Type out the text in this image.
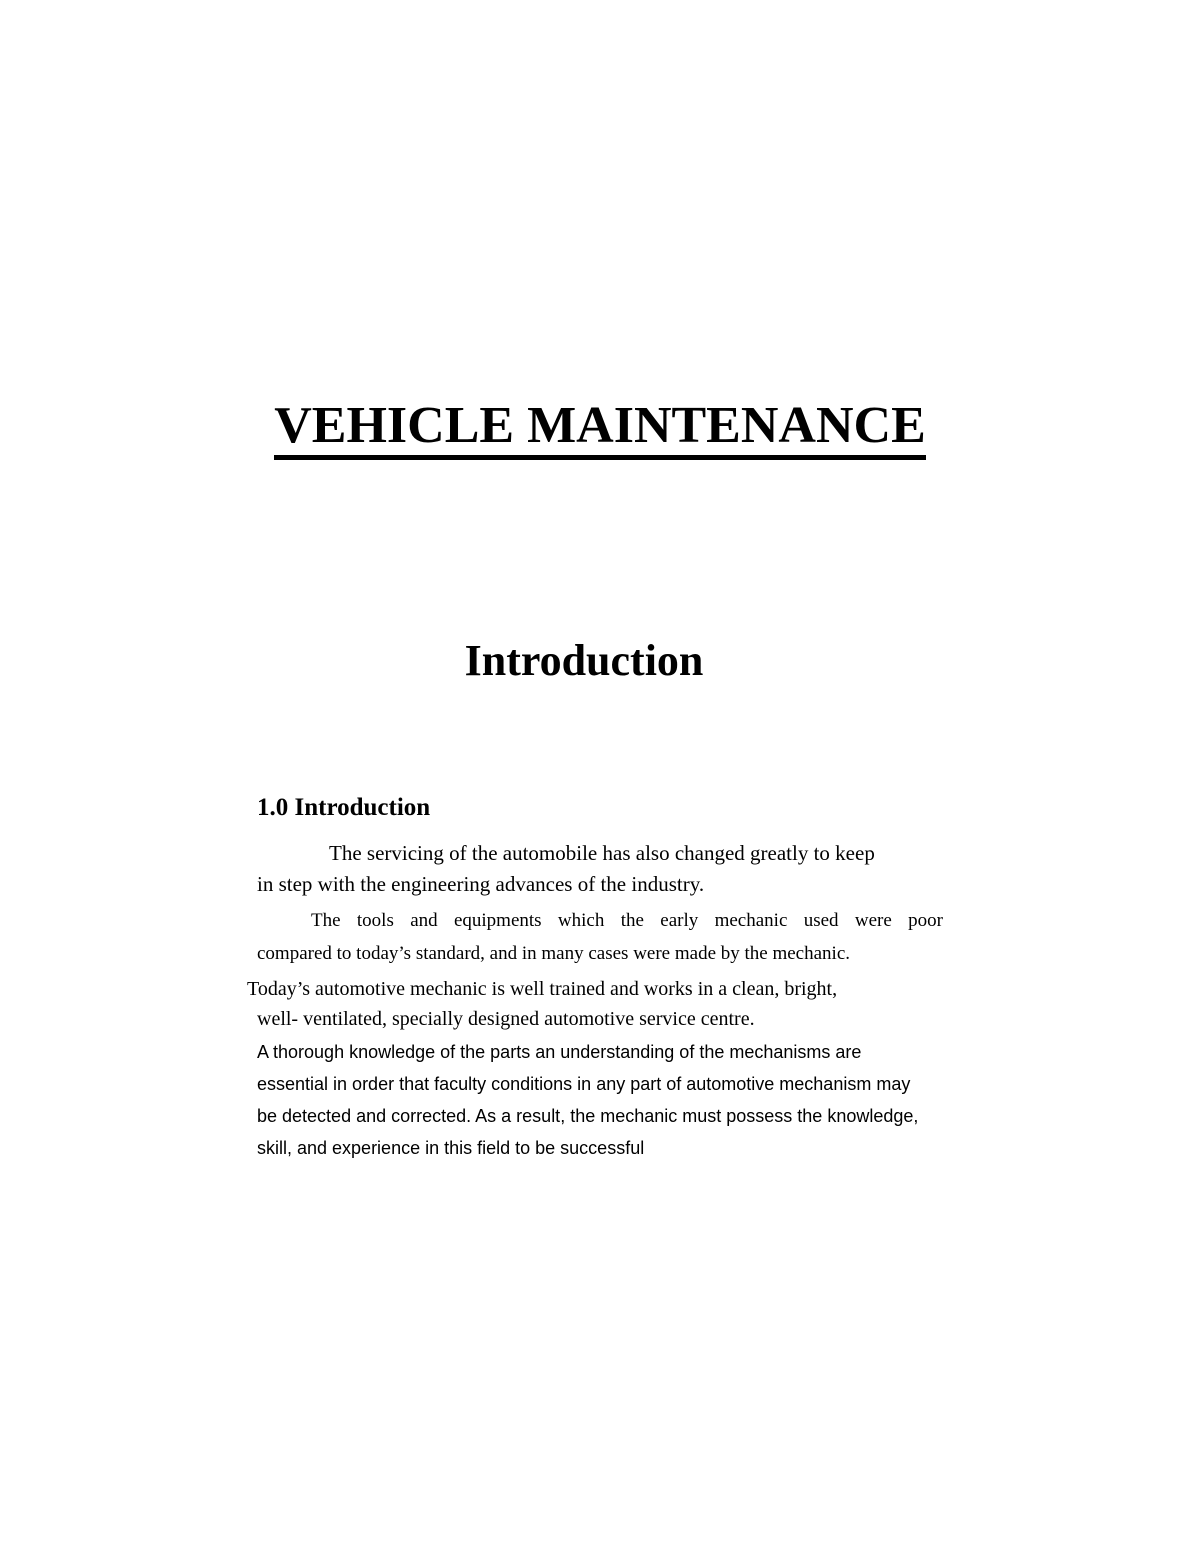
VEHICLE MAINTENANCE
Introduction
1.0 Introduction

The servicing of the automobile has also changed greatly to keep

in step with the engineering advances of the industry.

The tools and equipments which the early mechanic used were poor

compared to today’s standard, and in many cases were made by the mechanic.

Today’s automotive mechanic is well trained and works in a clean, bright,

well- ventilated, specially designed automotive service centre.

A thorough knowledge of the parts an understanding of the mechanisms are

essential in order that faculty conditions in any part of automotive mechanism may

be detected and corrected. As a result, the mechanic must possess the knowledge,

skill, and experience in this field to be successful
